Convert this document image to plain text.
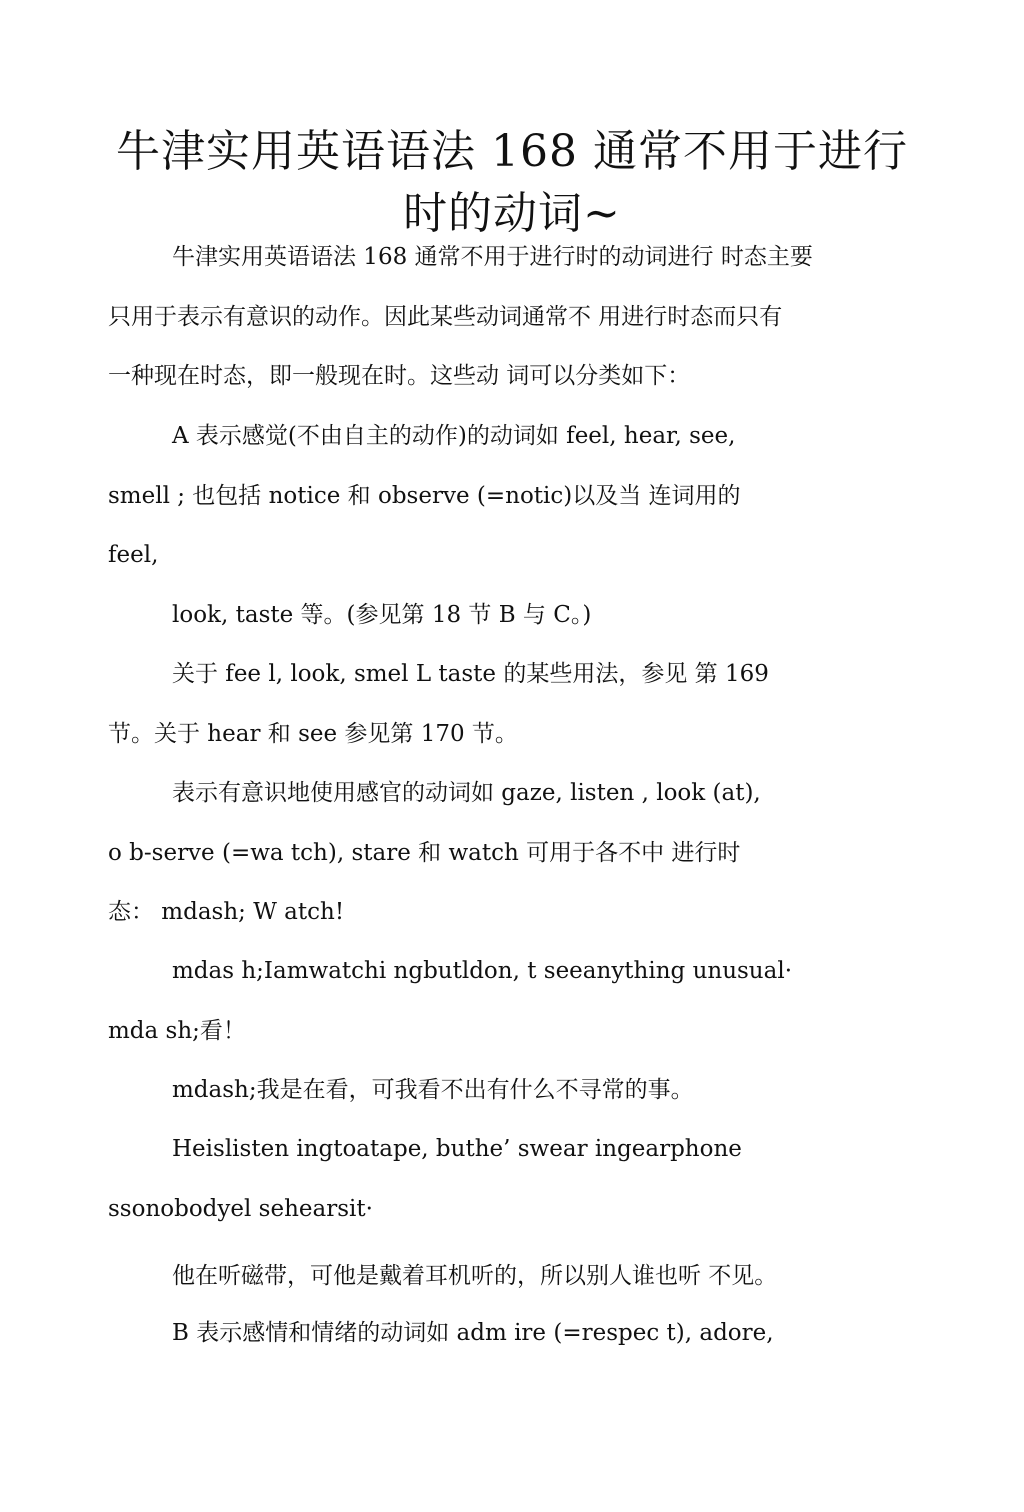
牛津实用英语语法 168 通常不用于进行
时的动词~
牛津实用英语语法 168 通常不用于进行时的动词进行 时态主要
只用于表示有意识的动作。因此某些动词通常不 用进行时态而只有
一种现在时态，即一般现在时。这些动 词可以分类如下：
A 表示感觉(不由自主的动作)的动词如 feel, hear, see,
smell ; 也包括 notice 和 observe (=notic)以及当 连词用的
feel,
look, taste 等。(参见第 18 节 B 与 C。)
关于 fee l, look, smel L taste 的某些用法，参见 第 169
节。关于 hear 和 see 参见第 170 节。
表示有意识地使用感官的动词如 gaze, listen , look (at),
o b-serve (=wa tch), stare 和 watch 可用于各不中 进行时
态： mdash; W atch!
mdas h;Iamwatchi ngbutldon, t seeanything unusual·
mda sh;看！
mdash;我是在看，可我看不出有什么不寻常的事。
Heislisten ingtoatape, buthe’ swear ingearphone
ssonobodyel sehearsit·
他在听磁带，可他是戴着耳机听的，所以别人谁也听 不见。
B 表示感情和情绪的动词如 adm ire (=respec t), adore,
